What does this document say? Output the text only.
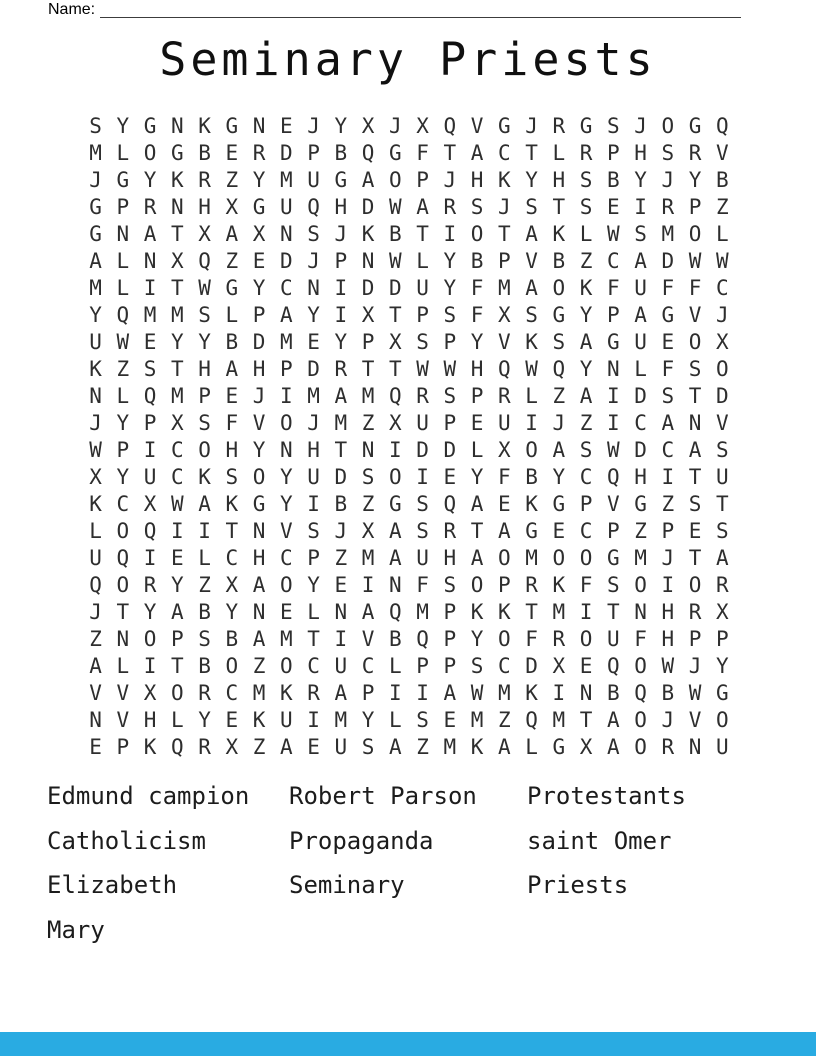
Name:
Seminary Priests
S Y G N K G N E J Y X J X Q V G J R G S J O G Q
M L O G B E R D P B Q G F T A C T L R P H S R V
J G Y K R Z Y M U G A O P J H K Y H S B Y J Y B
G P R N H X G U Q H D W A R S J S T S E I R P Z
G N A T X A X N S J K B T I O T A K L W S M O L
A L N X Q Z E D J P N W L Y B P V B Z C A D W W
M L I T W G Y C N I D D U Y F M A O K F U F F C
Y Q M M S L P A Y I X T P S F X S G Y P A G V J
U W E Y Y B D M E Y P X S P Y V K S A G U E O X
K Z S T H A H P D R T T W W H Q W Q Y N L F S O
N L Q M P E J I M A M Q R S P R L Z A I D S T D
J Y P X S F V O J M Z X U P E U I J Z I C A N V
W P I C O H Y N H T N I D D L X O A S W D C A S
X Y U C K S O Y U D S O I E Y F B Y C Q H I T U
K C X W A K G Y I B Z G S Q A E K G P V G Z S T
L O Q I I T N V S J X A S R T A G E C P Z P E S
U Q I E L C H C P Z M A U H A O M O O G M J T A
Q O R Y Z X A O Y E I N F S O P R K F S O I O R
J T Y A B Y N E L N A Q M P K K T M I T N H R X
Z N O P S B A M T I V B Q P Y O F R O U F H P P
A L I T B O Z O C U C L P P S C D X E Q O W J Y
V V X O R C M K R A P I I A W M K I N B Q B W G
N V H L Y E K U I M Y L S E M Z Q M T A O J V O
E P K Q R X Z A E U S A Z M K A L G X A O R N U
Edmund campion	Robert Parson	Protestants
Catholicism	Propaganda	saint Omer
Elizabeth	Seminary	Priests
Mary
